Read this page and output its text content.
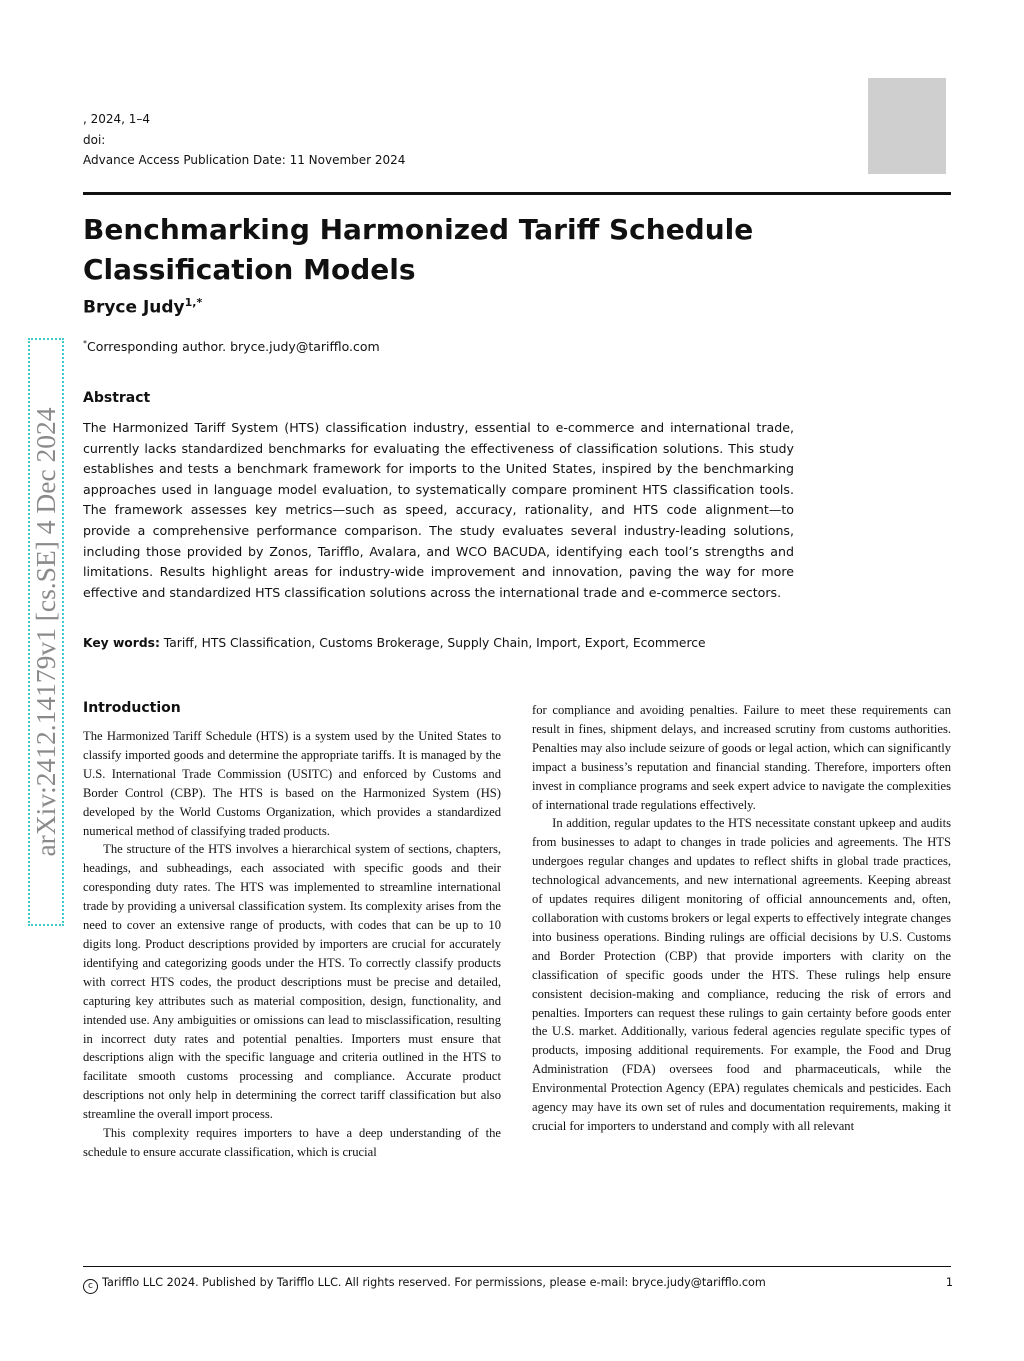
, 2024, 1–4
doi:
Advance Access Publication Date: 11 November 2024
Benchmarking Harmonized Tariff Schedule Classification Models
Bryce Judy$^{1,*}$
*Corresponding author. bryce.judy@tarifflo.com
arXiv:2412.14179v1 [cs.SE] 4 Dec 2024
Abstract

The Harmonized Tariff System (HTS) classification industry, essential to e-commerce and international trade, currently lacks standardized benchmarks for evaluating the effectiveness of classification solutions. This study establishes and tests a benchmark framework for imports to the United States, inspired by the benchmarking approaches used in language model evaluation, to systematically compare prominent HTS classification tools. The framework assesses key metrics—such as speed, accuracy, rationality, and HTS code alignment—to provide a comprehensive performance comparison. The study evaluates several industry-leading solutions, including those provided by Zonos, Tarifflo, Avalara, and WCO BACUDA, identifying each tool’s strengths and limitations. Results highlight areas for industry-wide improvement and innovation, paving the way for more effective and standardized HTS classification solutions across the international trade and e-commerce sectors.

Key words: Tariff, HTS Classification, Customs Brokerage, Supply Chain, Import, Export, Ecommerce
Introduction

The Harmonized Tariff Schedule (HTS) is a system used by the United States to classify imported goods and determine the appropriate tariffs. It is managed by the U.S. International Trade Commission (USITC) and enforced by Customs and Border Control (CBP). The HTS is based on the Harmonized System (HS) developed by the World Customs Organization, which provides a standardized numerical method of classifying traded products.

The structure of the HTS involves a hierarchical system of sections, chapters, headings, and subheadings, each associated with specific goods and their coresponding duty rates. The HTS was implemented to streamline international trade by providing a universal classification system. Its complexity arises from the need to cover an extensive range of products, with codes that can be up to 10 digits long. Product descriptions provided by importers are crucial for accurately identifying and categorizing goods under the HTS. To correctly classify products with correct HTS codes, the product descriptions must be precise and detailed, capturing key attributes such as material composition, design, functionality, and intended use. Any ambiguities or omissions can lead to misclassification, resulting in incorrect duty rates and potential penalties. Importers must ensure that descriptions align with the specific language and criteria outlined in the HTS to facilitate smooth customs processing and compliance. Accurate product descriptions not only help in determining the correct tariff classification but also streamline the overall import process.

This complexity requires importers to have a deep understanding of the schedule to ensure accurate classification, which is crucial

for compliance and avoiding penalties. Failure to meet these requirements can result in fines, shipment delays, and increased scrutiny from customs authorities. Penalties may also include seizure of goods or legal action, which can significantly impact a business’s reputation and financial standing. Therefore, importers often invest in compliance programs and seek expert advice to navigate the complexities of international trade regulations effectively.

In addition, regular updates to the HTS necessitate constant upkeep and audits from businesses to adapt to changes in trade policies and agreements. The HTS undergoes regular changes and updates to reflect shifts in global trade practices, technological advancements, and new international agreements. Keeping abreast of updates requires diligent monitoring of official announcements and, often, collaboration with customs brokers or legal experts to effectively integrate changes into business operations. Binding rulings are official decisions by U.S. Customs and Border Protection (CBP) that provide importers with clarity on the classification of specific goods under the HTS. These rulings help ensure consistent decision-making and compliance, reducing the risk of errors and penalties. Importers can request these rulings to gain certainty before goods enter the U.S. market. Additionally, various federal agencies regulate specific types of products, imposing additional requirements. For example, the Food and Drug Administration (FDA) oversees food and pharmaceuticals, while the Environmental Protection Agency (EPA) regulates chemicals and pesticides. Each agency may have its own set of rules and documentation requirements, making it crucial for importers to understand and comply with all relevant

c Tarifflo LLC 2024. Published by Tarifflo LLC. All rights reserved. For permissions, please e-mail: bryce.judy@tarifflo.com	1
